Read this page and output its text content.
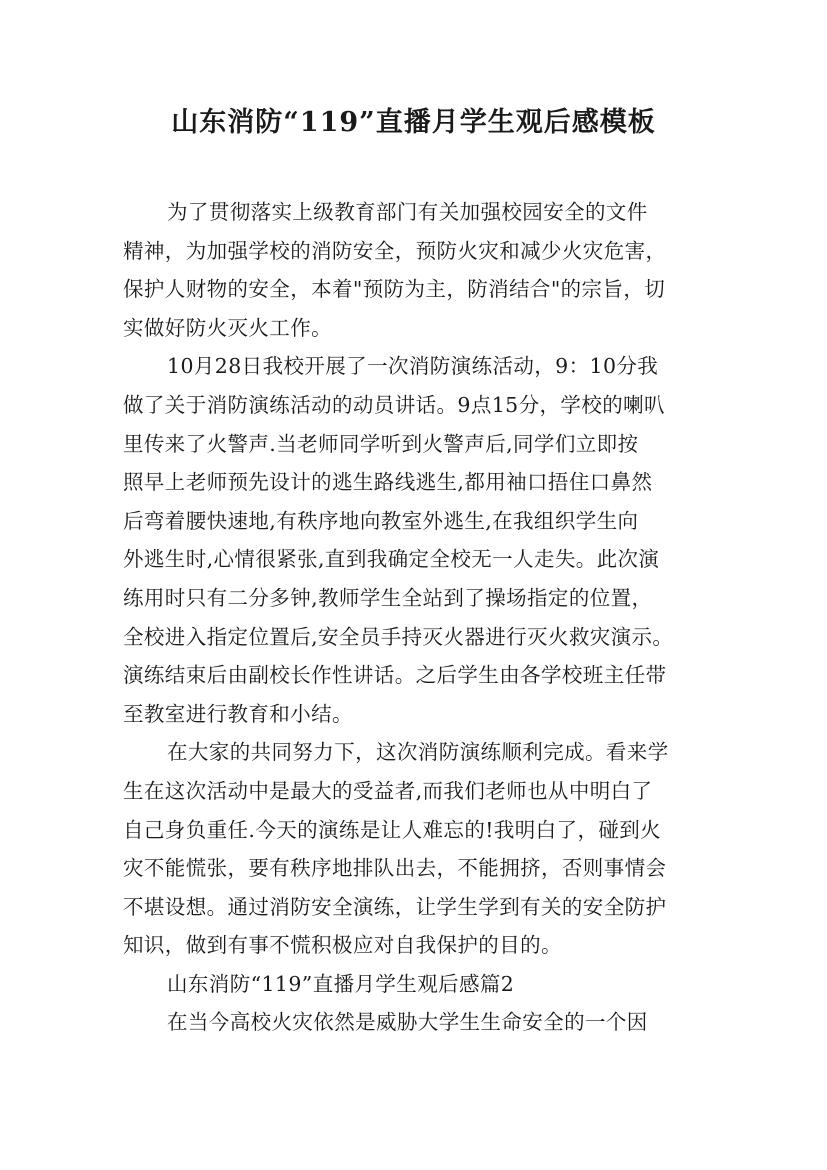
山东消防“119”直播月学生观后感模板
为了贯彻落实上级教育部门有关加强校园安全的文件
精神，为加强学校的消防安全，预防火灾和减少火灾危害，
保护人财物的安全，本着"预防为主，防消结合"的宗旨，切
实做好防火灭火工作。
10月28日我校开展了一次消防演练活动，9：10分我
做了关于消防演练活动的动员讲话。9点15分，学校的喇叭
里传来了火警声.当老师同学听到火警声后,同学们立即按
照早上老师预先设计的逃生路线逃生,都用袖口捂住口鼻然
后弯着腰快速地,有秩序地向教室外逃生,在我组织学生向
外逃生时,心情很紧张,直到我确定全校无一人走失。此次演
练用时只有二分多钟,教师学生全站到了操场指定的位置，
全校进入指定位置后,安全员手持灭火器进行灭火救灾演示。
演练结束后由副校长作性讲话。之后学生由各学校班主任带
至教室进行教育和小结。
在大家的共同努力下，这次消防演练顺利完成。看来学
生在这次活动中是最大的受益者,而我们老师也从中明白了
自己身负重任.今天的演练是让人难忘的!我明白了，碰到火
灾不能慌张，要有秩序地排队出去，不能拥挤，否则事情会
不堪设想。通过消防安全演练，让学生学到有关的安全防护
知识，做到有事不慌积极应对自我保护的目的。
山东消防“119”直播月学生观后感篇2
在当今高校火灾依然是威胁大学生生命安全的一个因
